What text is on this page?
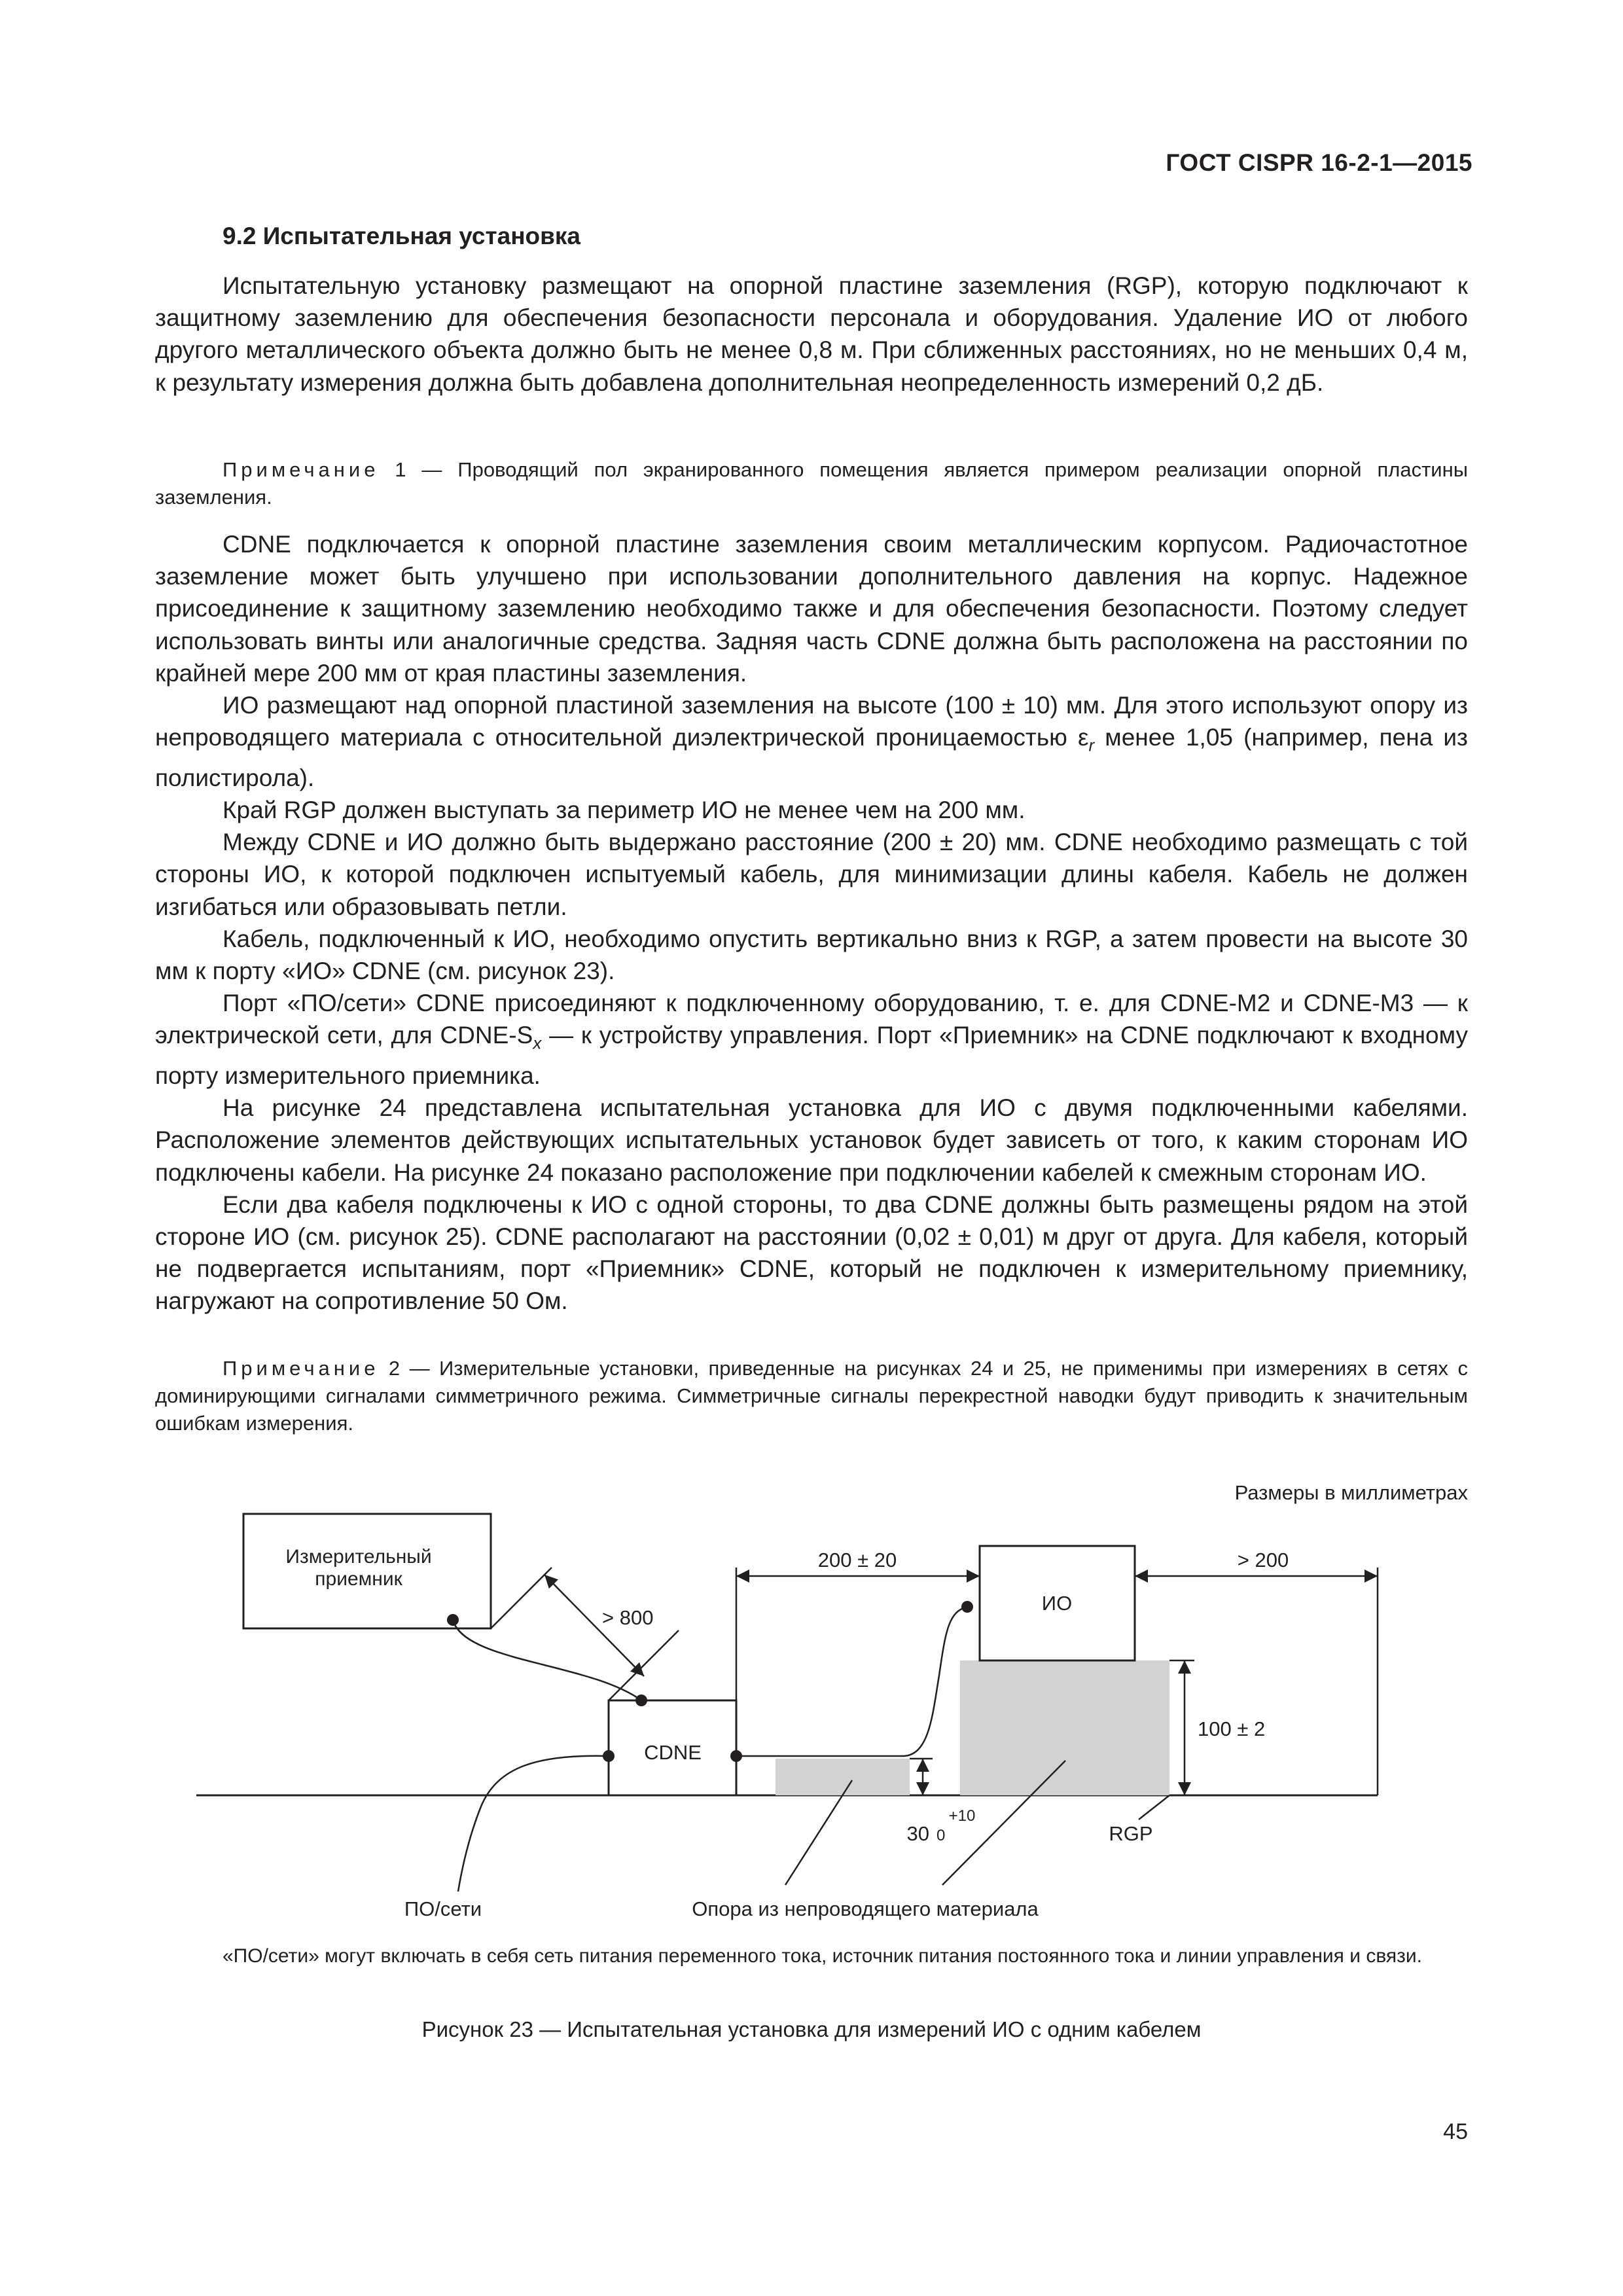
ГОСТ CISPR 16-2-1—2015
9.2 Испытательная установка

Испытательную установку размещают на опорной пластине заземления (RGP), которую подключают к защитному заземлению для обеспечения безопасности персонала и оборудования. Удаление ИО от любого другого металлического объекта должно быть не менее 0,8 м. При сближенных расстояниях, но не меньших 0,4 м, к результату измерения должна быть добавлена дополнительная неопределенность измерений 0,2 дБ.

Примечание 1 — Проводящий пол экранированного помещения является примером реализации опорной пластины заземления.

CDNE подключается к опорной пластине заземления своим металлическим корпусом. Радиочастотное заземление может быть улучшено при использовании дополнительного давления на корпус. Надежное присоединение к защитному заземлению необходимо также и для обеспечения безопасности. Поэтому следует использовать винты или аналогичные средства. Задняя часть CDNE должна быть расположена на расстоянии по крайней мере 200 мм от края пластины заземления.

ИО размещают над опорной пластиной заземления на высоте (100 ± 10) мм. Для этого используют опору из непроводящего материала с относительной диэлектрической проницаемостью $\varepsilon_r$ менее 1,05 (например, пена из полистирола).

Край RGP должен выступать за периметр ИО не менее чем на 200 мм.

Между CDNE и ИО должно быть выдержано расстояние (200 ± 20) мм. CDNE необходимо размещать с той стороны ИО, к которой подключен испытуемый кабель, для минимизации длины кабеля. Кабель не должен изгибаться или образовывать петли.

Кабель, подключенный к ИО, необходимо опустить вертикально вниз к RGP, а затем провести на высоте 30 мм к порту «ИО» CDNE (см. рисунок 23).

Порт «ПО/сети» CDNE присоединяют к подключенному оборудованию, т. е. для CDNE-M2 и CDNE-M3 — к электрической сети, для CDNE-$S_x$ — к устройству управления. Порт «Приемник» на CDNE подключают к входному порту измерительного приемника.

На рисунке 24 представлена испытательная установка для ИО с двумя подключенными кабелями. Расположение элементов действующих испытательных установок будет зависеть от того, к каким сторонам ИО подключены кабели. На рисунке 24 показано расположение при подключении кабелей к смежным сторонам ИО.

Если два кабеля подключены к ИО с одной стороны, то два CDNE должны быть размещены рядом на этой стороне ИО (см. рисунок 25). CDNE располагают на расстоянии (0,02 ± 0,01) м друг от друга. Для кабеля, который не подвергается испытаниям, порт «Приемник» CDNE, который не подключен к измерительному приемнику, нагружают на сопротивление 50 Ом.

Примечание 2 — Измерительные установки, приведенные на рисунках 24 и 25, не применимы при измерениях в сетях с доминирующими сигналами симметричного режима. Симметричные сигналы перекрестной наводки будут приводить к значительным ошибкам измерения.

Размеры в миллиметрах
Измерительный
приемник
> 800
CDNE
ИО
200 ± 20	> 200
100 ± 2
30
+10
0	RGP
ПО/сети	Опора из непроводящего материала

«ПО/сети» могут включать в себя сеть питания переменного тока, источник питания постоянного тока и линии управления и связи.

Рисунок 23 — Испытательная установка для измерений ИО с одним кабелем
45
